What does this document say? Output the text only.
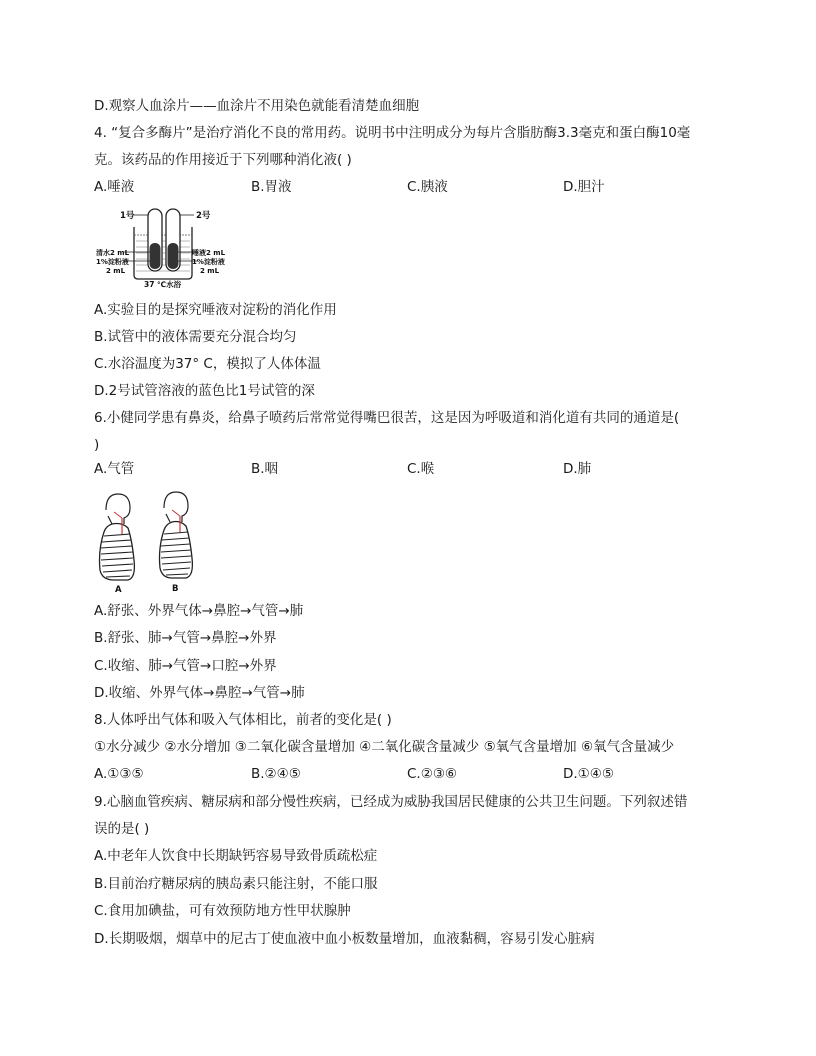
D.观察人血涂片——血涂片不用染色就能看清楚血细胞
4. “复合多酶片”是治疗消化不良的常用药。说明书中注明成分为每片含脂肪酶3.3毫克和蛋白酶10毫
克。该药品的作用接近于下列哪种消化液( )
A.唾液	B.胃液	C.胰液	D.胆汁
1号	2号
清水2 mL
1%淀粉液
2 mL
唾液2 mL
1%淀粉液
2 mL
37 ℃水浴
A.实验目的是探究唾液对淀粉的消化作用
B.试管中的液体需要充分混合均匀
C.水浴温度为37° C，模拟了人体体温
D.2号试管溶液的蓝色比1号试管的深
6.小健同学患有鼻炎，给鼻子喷药后常常觉得嘴巴很苦，这是因为呼吸道和消化道有共同的通道是(
)
A.气管	B.咽	C.喉	D.肺
A	B
A.舒张、外界气体→鼻腔→气管→肺
B.舒张、肺→气管→鼻腔→外界
C.收缩、肺→气管→口腔→外界
D.收缩、外界气体→鼻腔→气管→肺
8.人体呼出气体和吸入气体相比，前者的变化是( )
①水分减少 ②水分增加 ③二氧化碳含量增加 ④二氧化碳含量减少 ⑤氧气含量增加 ⑥氧气含量减少
A.①③⑤	B.②④⑤	C.②③⑥	D.①④⑤
9.心脑血管疾病、糖尿病和部分慢性疾病，已经成为威胁我国居民健康的公共卫生问题。下列叙述错
误的是( )
A.中老年人饮食中长期缺钙容易导致骨质疏松症
B.目前治疗糖尿病的胰岛素只能注射，不能口服
C.食用加碘盐，可有效预防地方性甲状腺肿
D.长期吸烟，烟草中的尼古丁使血液中血小板数量增加，血液黏稠，容易引发心脏病
